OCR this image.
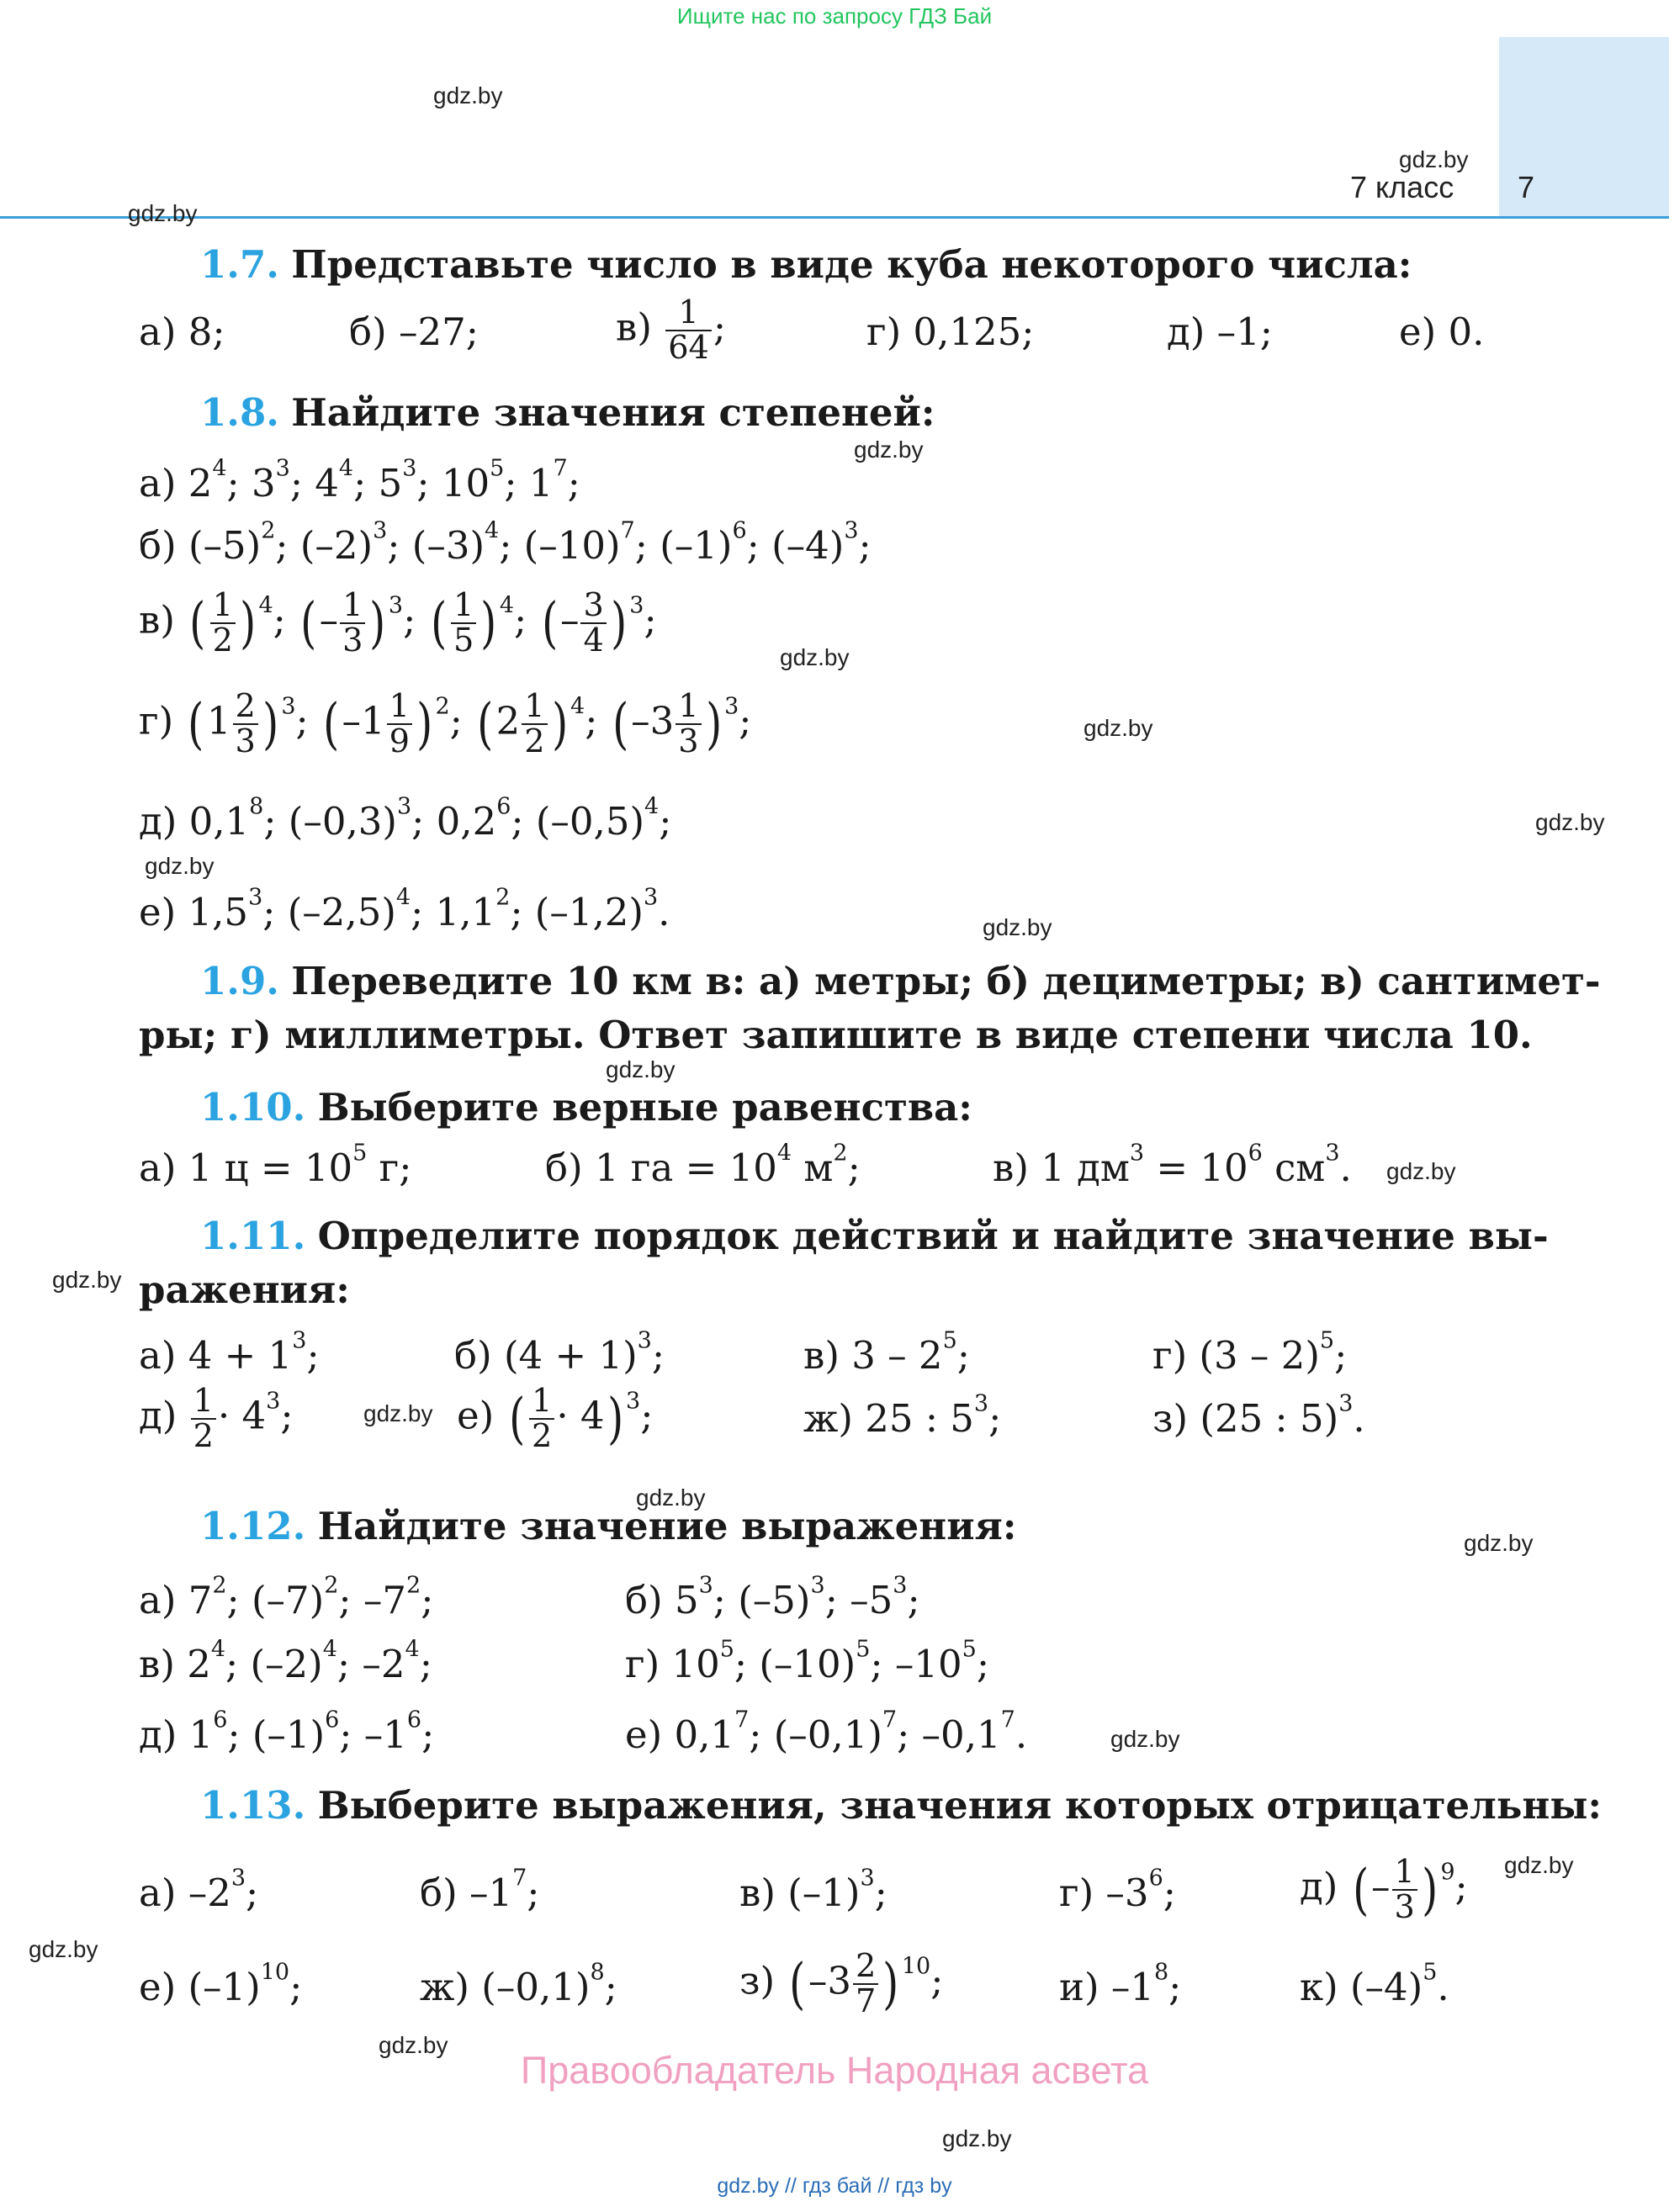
Ищите нас по запросу ГДЗ Бай
7 класс 7
gdz.by
gdz.by
gdz.by
gdz.by
gdz.by
gdz.by
gdz.by
gdz.by
gdz.by
gdz.by
gdz.by
gdz.by
gdz.by
gdz.by
gdz.by
gdz.by
gdz.by
gdz.by
gdz.by
gdz.by
1.7. Представьте число в виде куба некоторого числа:
а) 8;	б) –27;	$в) \frac{1}{64}$ ;	г) 0,125;	д) –1;	е) 0.
1.8. Найдите значения степеней:
а) $2^4$; $3^3$; $4^4$; $5^3$; $10^5$; $1^7$;
б) $(-5)^2$; $(-2)^3$; $(-3)^4$; $(-10)^7$; $(-1)^6$; $(-4)^3$;
в) ( $\frac{1}{2}$ ) $^4$; (– $\frac{1}{3}$ ) $^3$; ( $\frac{1}{5}$ ) $^4$; (– $\frac{3}{4}$ ) $^3$;
г) ($1 \frac{2}{3}$ ) $^3$; ($-1 \frac{1}{9}$ ) $^2$; ($2 \frac{1}{2}$ ) $^4$; ($-3 \frac{1}{3}$ ) $^3$;
д) $0,1^8$; $(-0,3)^3$; $0,2^6$; $(-0,5)^4$;
е) $1,5^3$; $(-2,5)^4$; $1,1^2$; $(-1,2)^3$.
1.9. Переведите 10 км в: а) метры; б) дециметры; в) сантимет-
ры; г) миллиметры. Ответ запишите в виде степени числа 10.
1.10. Выберите верные равенства:
а) 1 $ц = 10^5$ г;	б) 1 га = $10^4$ $м^2$;	в) 1 $дм^3 = 10^6$ $см^3$.
1.11. Определите порядок действий и найдите значение вы-
ражения:
а) $4 + 1^3$;	б) $(4 + 1)^3$;	в) $3 - 2^5$;	г) (3 – 2)$^5$;
$д) \frac{1}{2} \cdot 4^3$;	е) ( $\frac{1}{2} \cdot 4$) $^3$;	ж) 25 : $5^3$;	з) (25 : 5)$^3$.
1.12. Найдите значение выражения:
а) $7^2$; $(-7)^2$; $-7^2$;	б) $5^3$; $(-5)^3$; $-5^3$;
в) $2^4$; $(-2)^4$; $-2^4$;	г) $10^5$; $(-10)^5$; $-10^5$;
д) $1^6$; $(-1)^6$; $-1^6$;	е) $0,1^7$; $(-0,1)^7$; $-0,1^7$.
1.13. Выберите выражения, значения которых отрицательны:
а) $-2^3$;	б) $-1^7$;	в) $(-1)^3$;	г) $-3^6$;	д) (– $\frac{1}{3}$ ) $^9$;
е) $(-1)^{10}$;	ж) $(-0,1)^8$;	з) ($-3 \frac{2}{7}$ ) $^{10}$;	и) $-1^8$;	к) $(-4)^5$.
Правообладатель Народная асвета
gdz.by // гдз бай // гдз by
